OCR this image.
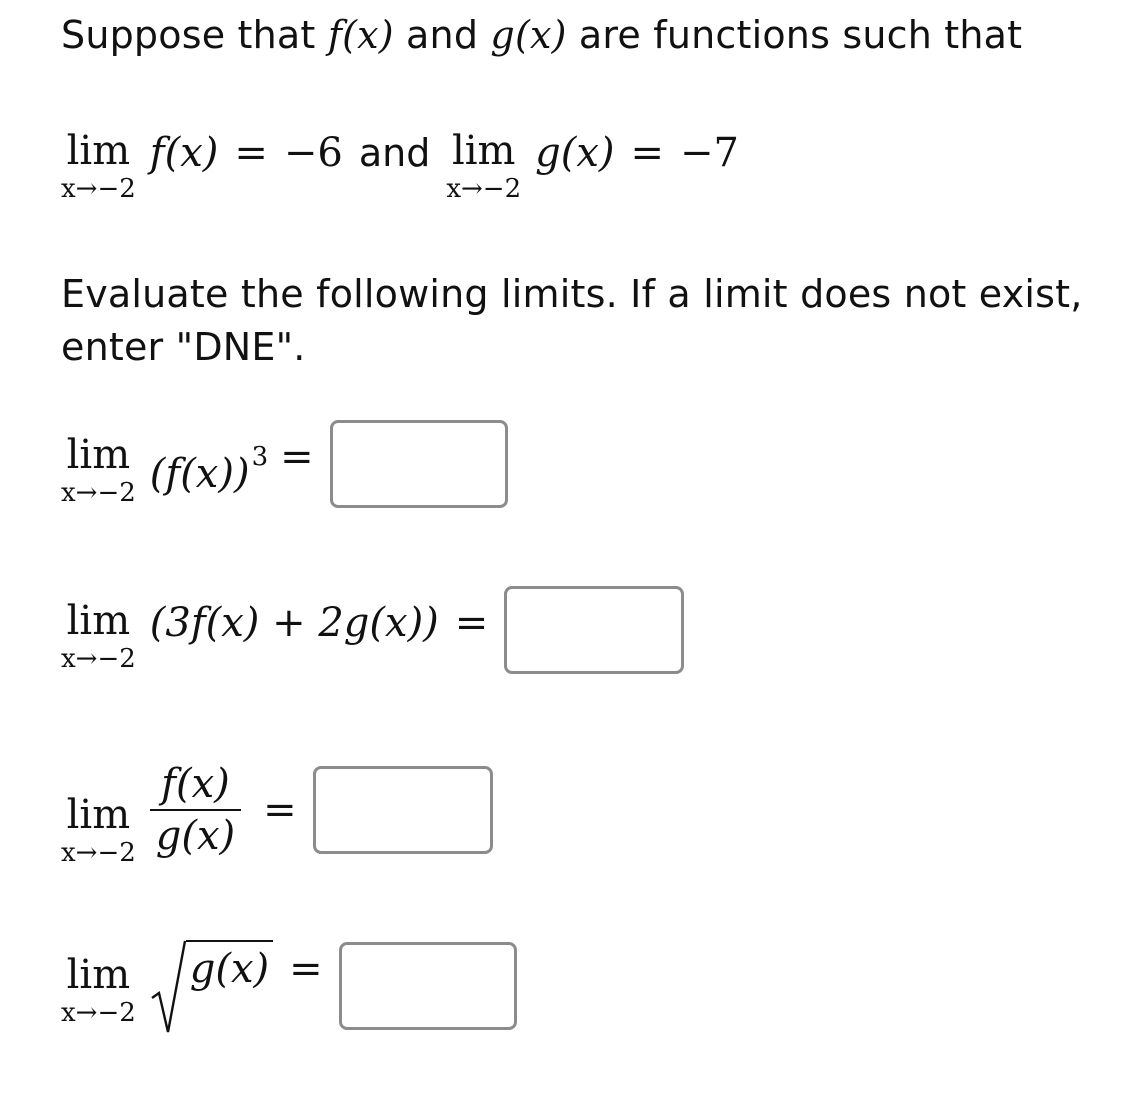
Suppose that f(x) and g(x) are functions such that
lim
x→−2
f(x) = −6 and lim
x→−2
g(x) = −7
Evaluate the following limits. If a limit does not exist,
enter "DNE".
lim
x→−2 $(f(x))^3$ =
lim
x→−2
(3f(x) + 2g(x)) =
lim
$x\to-2 \frac{f(x)}{g(x)}$ =
lim
x→−2
g(x) =
